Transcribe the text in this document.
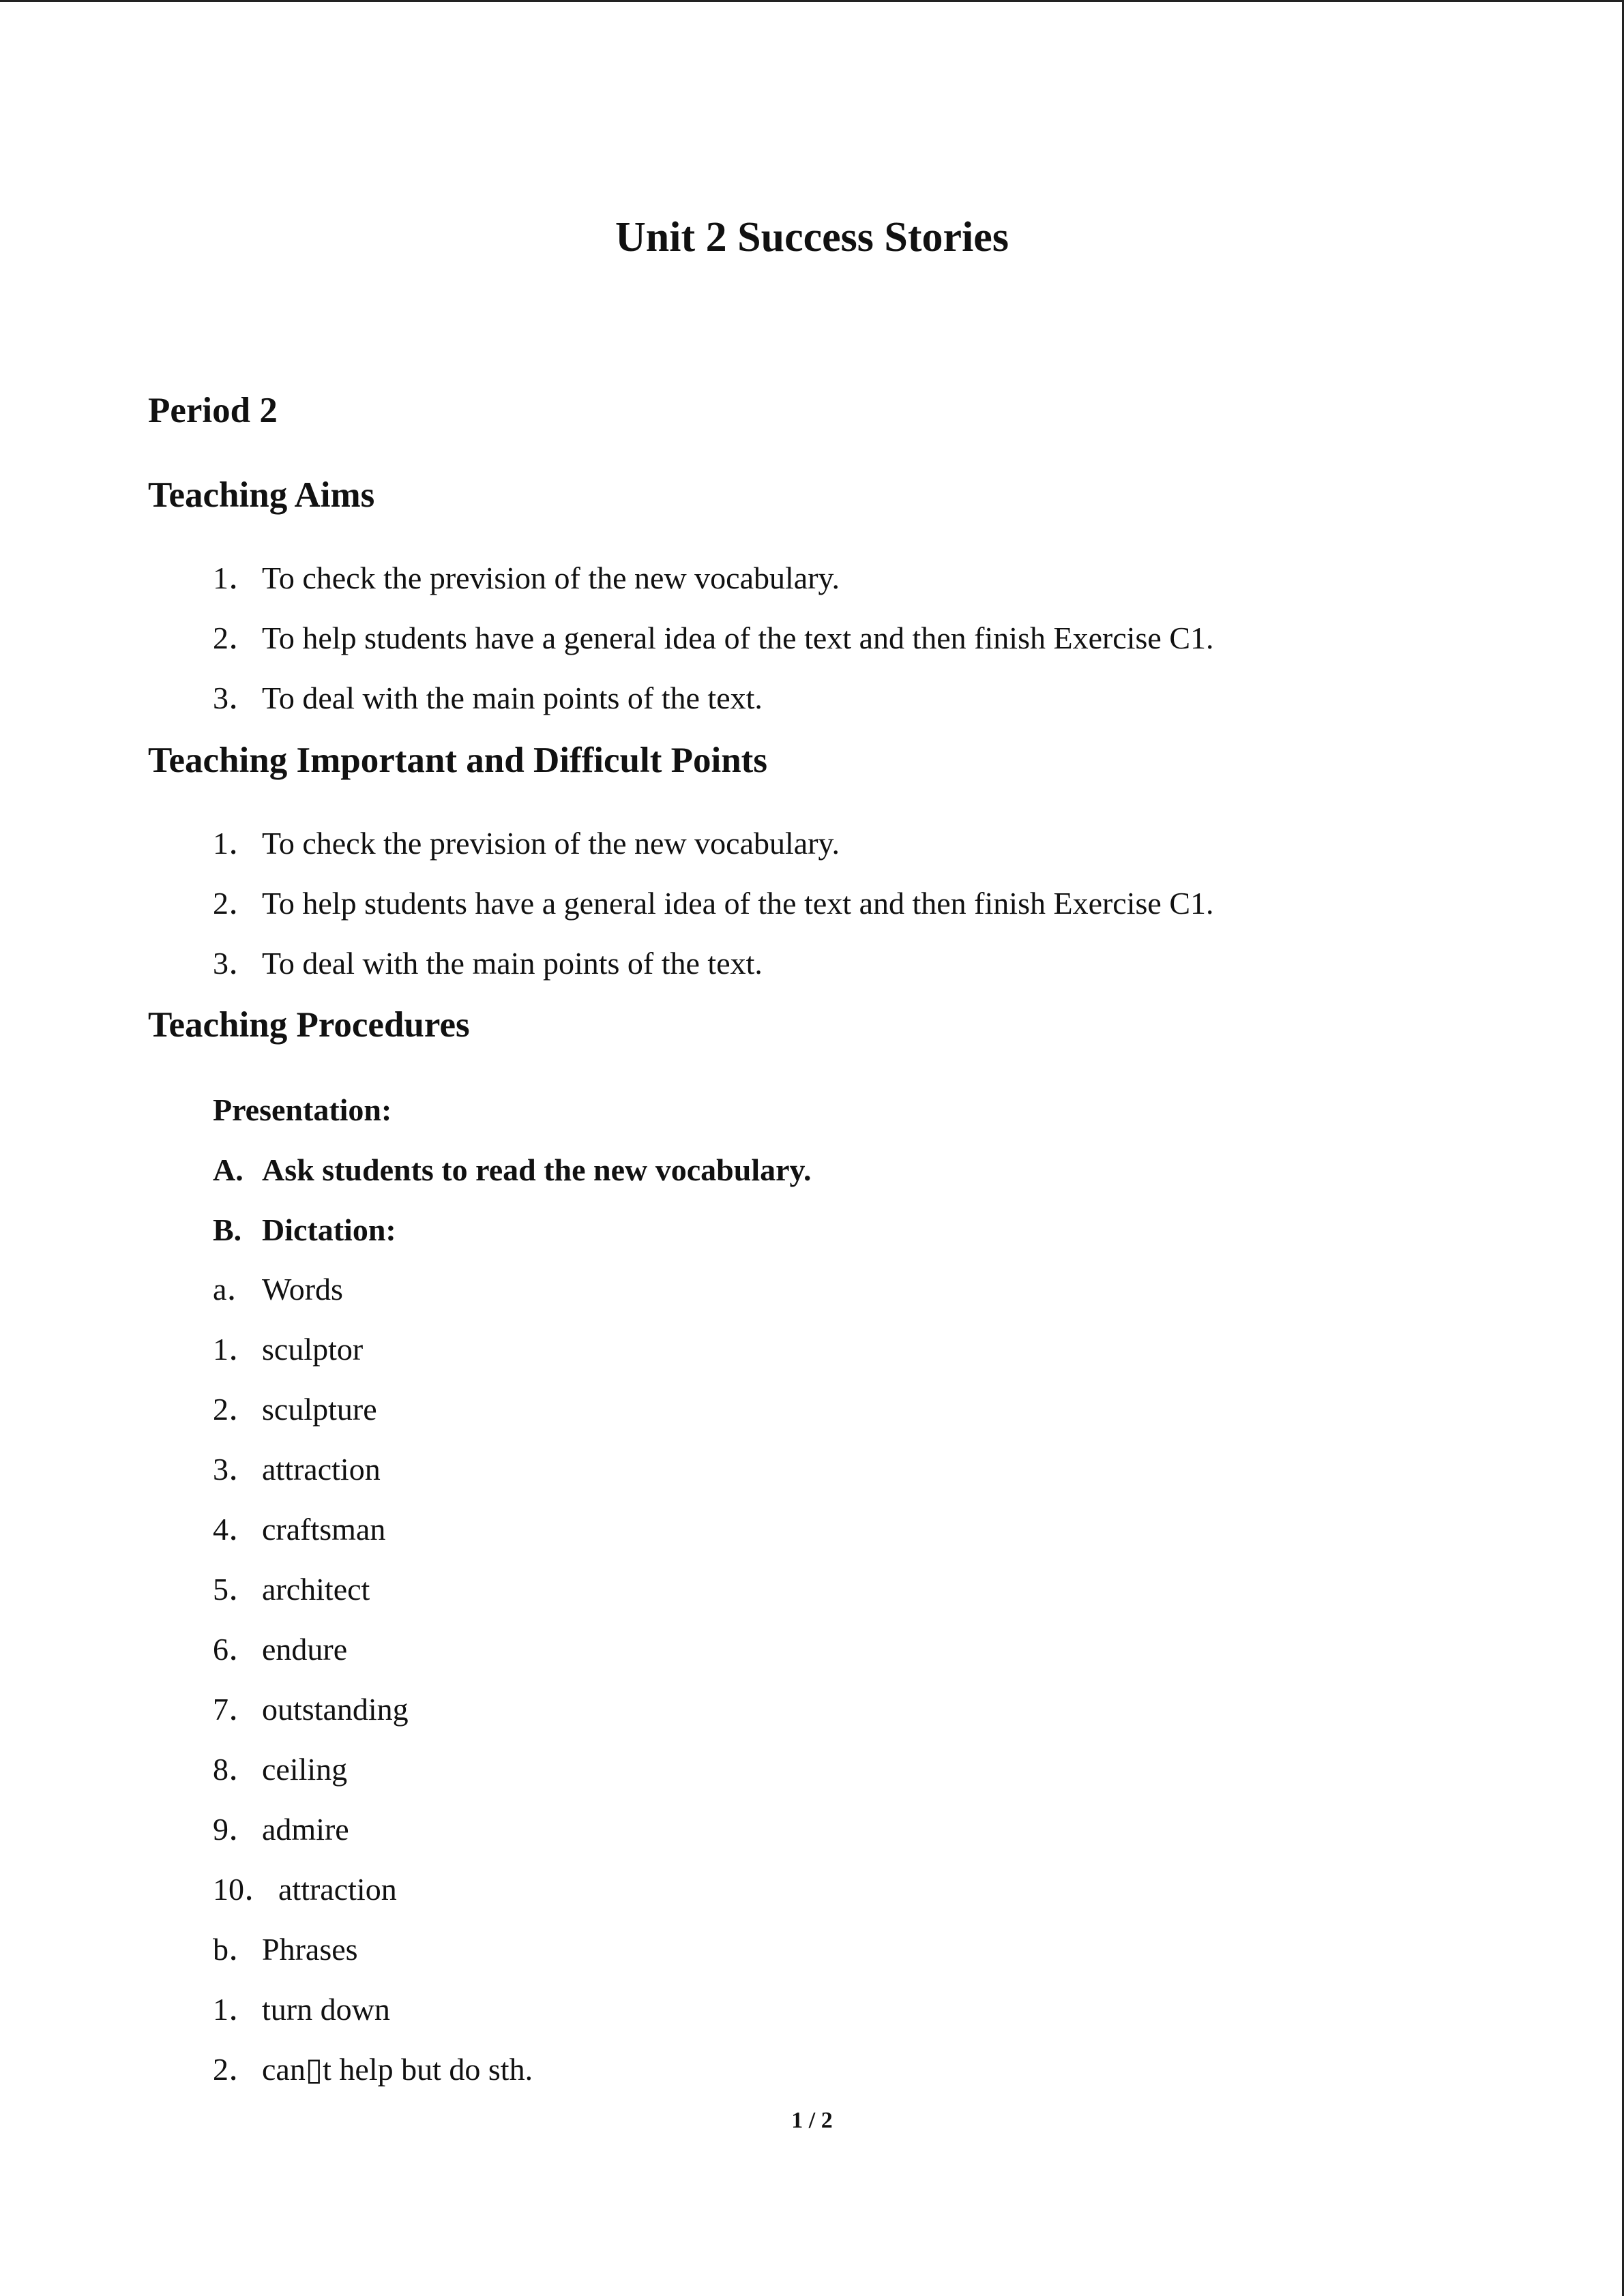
Unit 2 Success Stories
Period 2
Teaching Aims
1．To check the prevision of the new vocabulary.
2．To help students have a general idea of the text and then finish Exercise C1.
3．To deal with the main points of the text.
Teaching Important and Difficult Points
1．To check the prevision of the new vocabulary.
2．To help students have a general idea of the text and then finish Exercise C1.
3．To deal with the main points of the text.
Teaching Procedures
Presentation:
A. Ask students to read the new vocabulary.
B. Dictation:
a． Words
1．sculptor
2．sculpture
3．attraction
4．craftsman
5．architect
6．endure
7．outstanding
8．ceiling
9．admire
10．attraction
b．Phrases
1．turn down
2．can▯t help but do sth.
1 / 2
